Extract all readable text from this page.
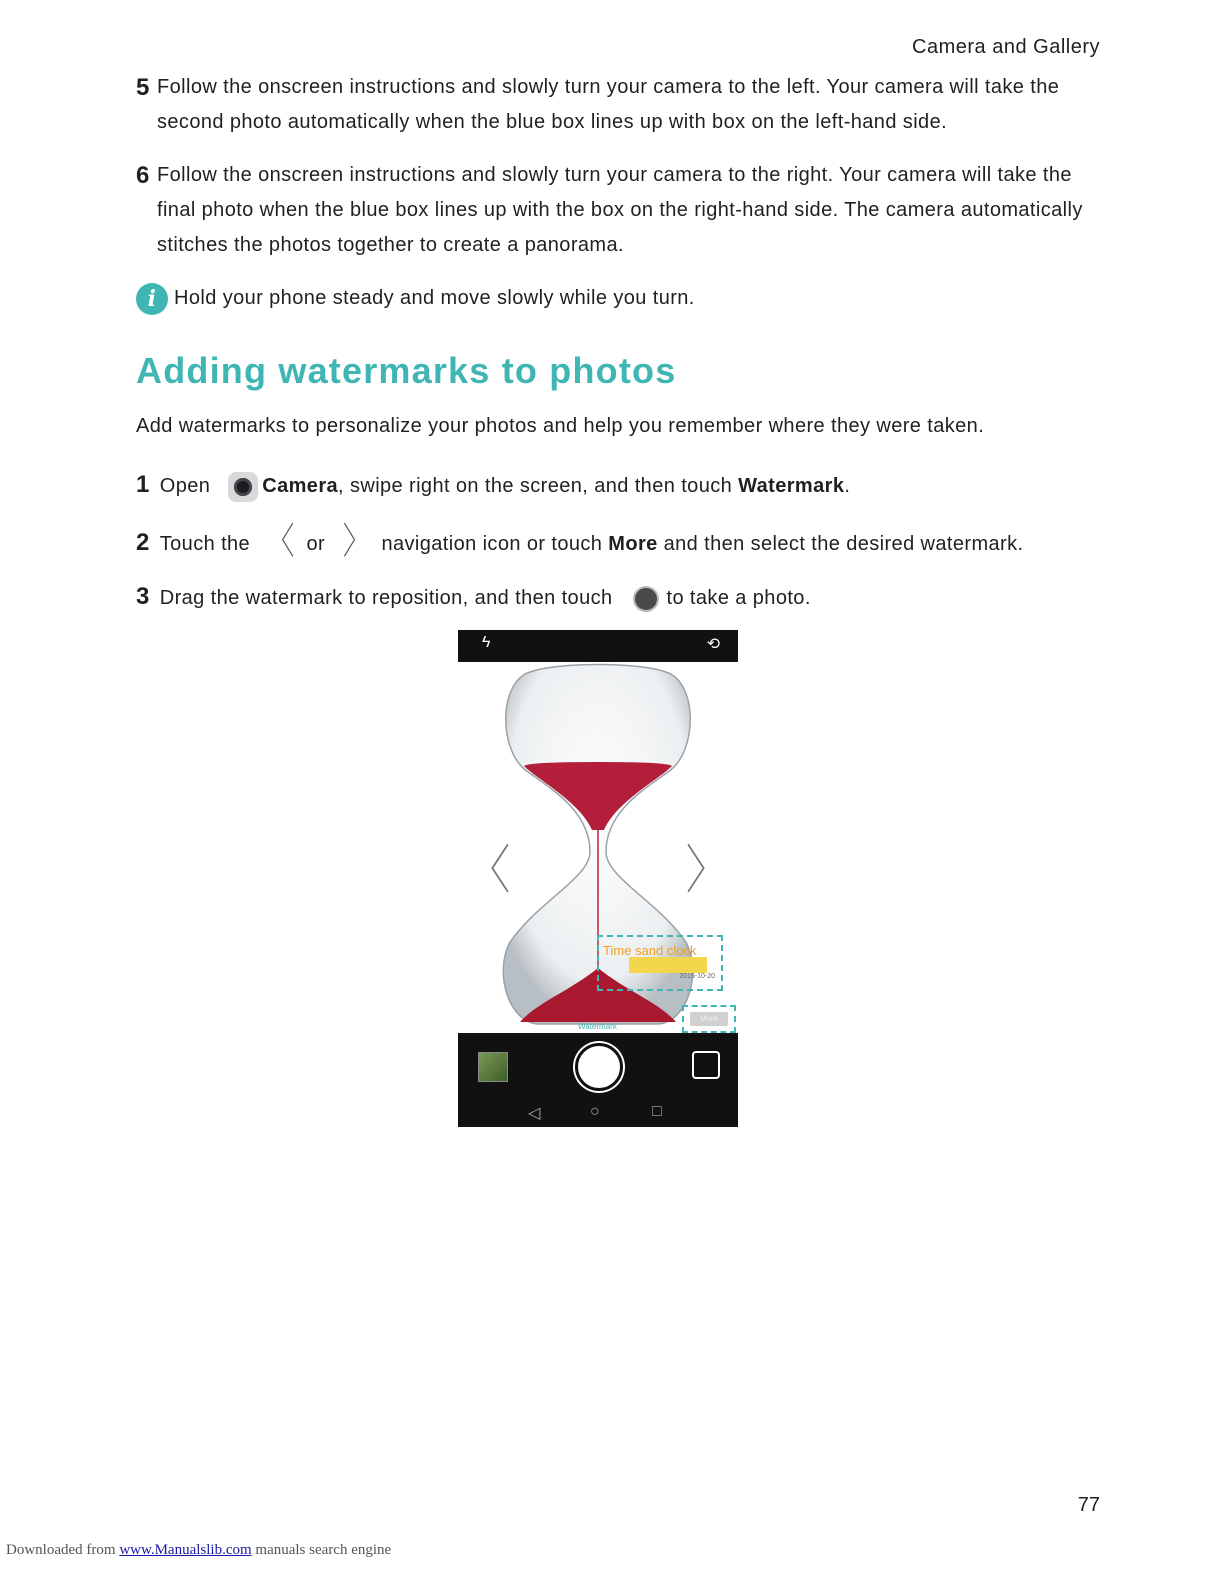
Camera and Gallery
5 Follow the onscreen instructions and slowly turn your camera to the left. Your camera will take the second photo automatically when the blue box lines up with box on the left-hand side.
6 Follow the onscreen instructions and slowly turn your camera to the right. Your camera will take the final photo when the blue box lines up with the box on the right-hand side. The camera automatically stitches the photos together to create a panorama.
i Hold your phone steady and move slowly while you turn.
Adding watermarks to photos
Add watermarks to personalize your photos and help you remember where they were taken.
1 Open	Camera, swipe right on the screen, and then touch Watermark.
2 Touch the 〈 or 〉 navigation icon or touch More and then select the desired watermark.
3 Drag the watermark to reposition, and then touch	to take a photo.
ϟ	⟲
〈	〉
Time sand clock
2015-10-20
More
Watermark
◁	○	□
77
Downloaded from www.Manualslib.com manuals search engine
